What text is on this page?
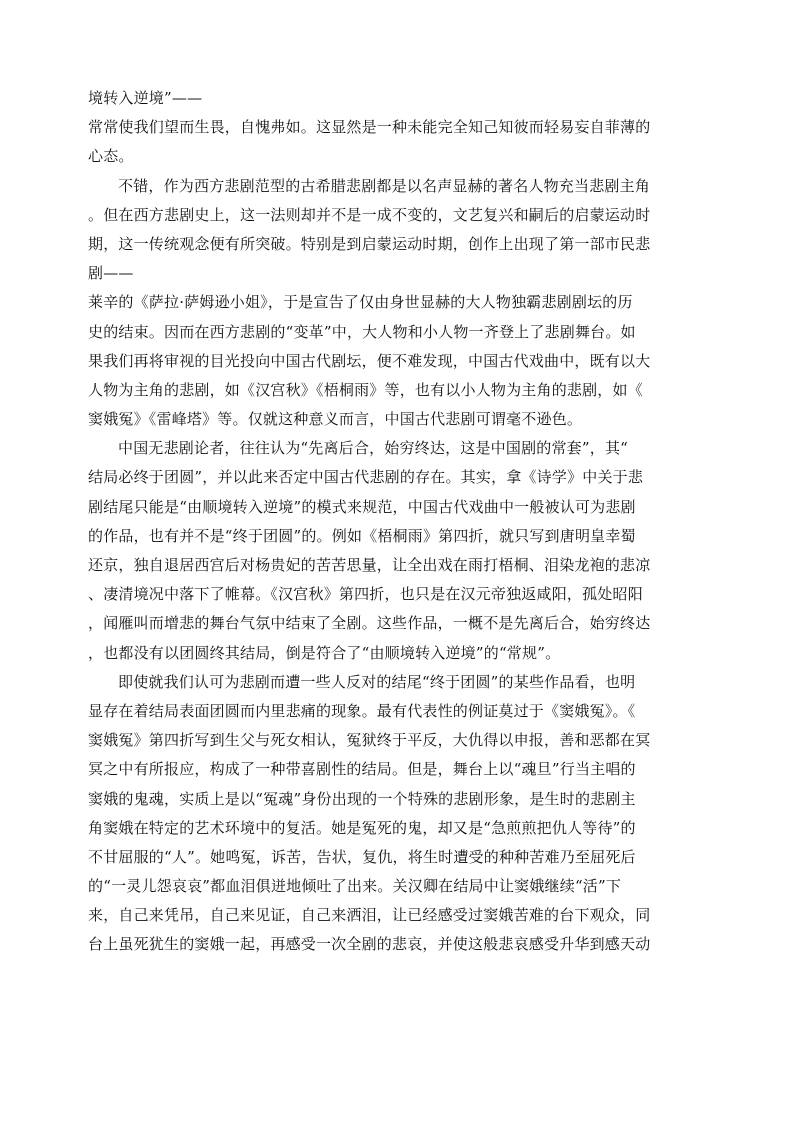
境转入逆境”——
常常使我们望而生畏，自愧弗如。这显然是一种未能完全知己知彼而轻易妄自菲薄的
心态。
不错，作为西方悲剧范型的古希腊悲剧都是以名声显赫的著名人物充当悲剧主角
。但在西方悲剧史上，这一法则却并不是一成不变的，文艺复兴和嗣后的启蒙运动时
期，这一传统观念便有所突破。特别是到启蒙运动时期，创作上出现了第一部市民悲
剧——
莱辛的《萨拉·萨姆逊小姐》，于是宣告了仅由身世显赫的大人物独霸悲剧剧坛的历
史的结束。因而在西方悲剧的“变革”中，大人物和小人物一齐登上了悲剧舞台。如
果我们再将审视的目光投向中国古代剧坛，便不难发现，中国古代戏曲中，既有以大
人物为主角的悲剧，如《汉宫秋》《梧桐雨》等，也有以小人物为主角的悲剧，如《
窦娥冤》《雷峰塔》等。仅就这种意义而言，中国古代悲剧可谓毫不逊色。
中国无悲剧论者，往往认为“先离后合，始穷终达，这是中国剧的常套”，其“
结局必终于团圆”，并以此来否定中国古代悲剧的存在。其实，拿《诗学》中关于悲
剧结尾只能是“由顺境转入逆境”的模式来规范，中国古代戏曲中一般被认可为悲剧
的作品，也有并不是“终于团圆”的。例如《梧桐雨》第四折，就只写到唐明皇幸蜀
还京，独自退居西宫后对杨贵妃的苦苦思量，让全出戏在雨打梧桐、泪染龙袍的悲凉
、凄清境况中落下了帷幕。《汉宫秋》第四折，也只是在汉元帝独返咸阳，孤处昭阳
，闻雁叫而增悲的舞台气氛中结束了全剧。这些作品，一概不是先离后合，始穷终达
，也都没有以团圆终其结局，倒是符合了“由顺境转入逆境”的“常规”。
即使就我们认可为悲剧而遭一些人反对的结尾“终于团圆”的某些作品看，也明
显存在着结局表面团圆而内里悲痛的现象。最有代表性的例证莫过于《窦娥冤》。《
窦娥冤》第四折写到生父与死女相认，冤狱终于平反，大仇得以申报，善和恶都在冥
冥之中有所报应，构成了一种带喜剧性的结局。但是，舞台上以“魂旦”行当主唱的
窦娥的鬼魂，实质上是以“冤魂”身份出现的一个特殊的悲剧形象，是生时的悲剧主
角窦娥在特定的艺术环境中的复活。她是冤死的鬼，却又是“急煎煎把仇人等待”的
不甘屈服的“人”。她鸣冤，诉苦，告状，复仇，将生时遭受的种种苦难乃至屈死后
的“一灵儿怨哀哀”都血泪俱迸地倾吐了出来。关汉卿在结局中让窦娥继续“活”下
来，自己来凭吊，自己来见证，自己来洒泪，让已经感受过窦娥苦难的台下观众，同
台上虽死犹生的窦娥一起，再感受一次全剧的悲哀，并使这般悲哀感受升华到感天动
